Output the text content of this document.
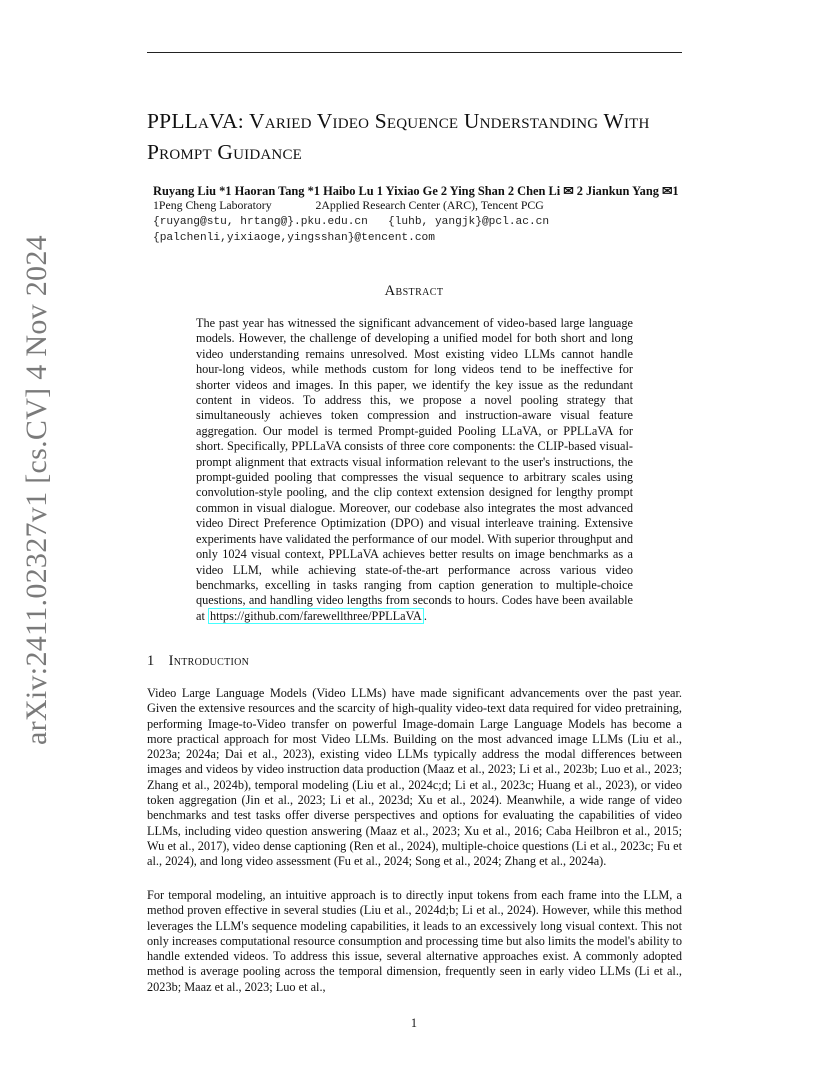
arXiv:2411.02327v1 [cs.CV] 4 Nov 2024
PPLLaVA: Varied Video Sequence Understanding With Prompt Guidance
Ruyang Liu *1 Haoran Tang *1 Haibo Lu 1 Yixiao Ge 2 Ying Shan 2 Chen Li ✉ 2 Jiankun Yang ✉1
1Peng Cheng Laboratory	2Applied Research Center (ARC), Tencent PCG
{ruyang@stu, hrtang@}.pku.edu.cn   {luhb, yangjk}@pcl.ac.cn
{palchenli,yixiaoge,yingsshan}@tencent.com
Abstract

The past year has witnessed the significant advancement of video-based large language models. However, the challenge of developing a unified model for both short and long video understanding remains unresolved. Most existing video LLMs cannot handle hour-long videos, while methods custom for long videos tend to be ineffective for shorter videos and images. In this paper, we identify the key issue as the redundant content in videos. To address this, we propose a novel pooling strategy that simultaneously achieves token compression and instruction-aware visual feature aggregation. Our model is termed Prompt-guided Pooling LLaVA, or PPLLaVA for short. Specifically, PPLLaVA consists of three core components: the CLIP-based visual-prompt alignment that extracts visual information relevant to the user's instructions, the prompt-guided pooling that compresses the visual sequence to arbitrary scales using convolution-style pooling, and the clip context extension designed for lengthy prompt common in visual dialogue. Moreover, our codebase also integrates the most advanced video Direct Preference Optimization (DPO) and visual interleave training. Extensive experiments have validated the performance of our model. With superior throughput and only 1024 visual context, PPLLaVA achieves better results on image benchmarks as a video LLM, while achieving state-of-the-art performance across various video benchmarks, excelling in tasks ranging from caption generation to multiple-choice questions, and handling video lengths from seconds to hours. Codes have been available at https://github.com/farewellthree/PPLLaVA .

1 Introduction

Video Large Language Models (Video LLMs) have made significant advancements over the past year. Given the extensive resources and the scarcity of high-quality video-text data required for video pretraining, performing Image-to-Video transfer on powerful Image-domain Large Language Models has become a more practical approach for most Video LLMs. Building on the most advanced image LLMs (Liu et al., 2023a; 2024a; Dai et al., 2023), existing video LLMs typically address the modal differences between images and videos by video instruction data production (Maaz et al., 2023; Li et al., 2023b; Luo et al., 2023; Zhang et al., 2024b), temporal modeling (Liu et al., 2024c;d; Li et al., 2023c; Huang et al., 2023), or video token aggregation (Jin et al., 2023; Li et al., 2023d; Xu et al., 2024). Meanwhile, a wide range of video benchmarks and test tasks offer diverse perspectives and options for evaluating the capabilities of video LLMs, including video question answering (Maaz et al., 2023; Xu et al., 2016; Caba Heilbron et al., 2015; Wu et al., 2017), video dense captioning (Ren et al., 2024), multiple-choice questions (Li et al., 2023c; Fu et al., 2024), and long video assessment (Fu et al., 2024; Song et al., 2024; Zhang et al., 2024a).

For temporal modeling, an intuitive approach is to directly input tokens from each frame into the LLM, a method proven effective in several studies (Liu et al., 2024d;b; Li et al., 2024). However, while this method leverages the LLM's sequence modeling capabilities, it leads to an excessively long visual context. This not only increases computational resource consumption and processing time but also limits the model's ability to handle extended videos. To address this issue, several alternative approaches exist. A commonly adopted method is average pooling across the temporal dimension, frequently seen in early video LLMs (Li et al., 2023b; Maaz et al., 2023; Luo et al.,

1
